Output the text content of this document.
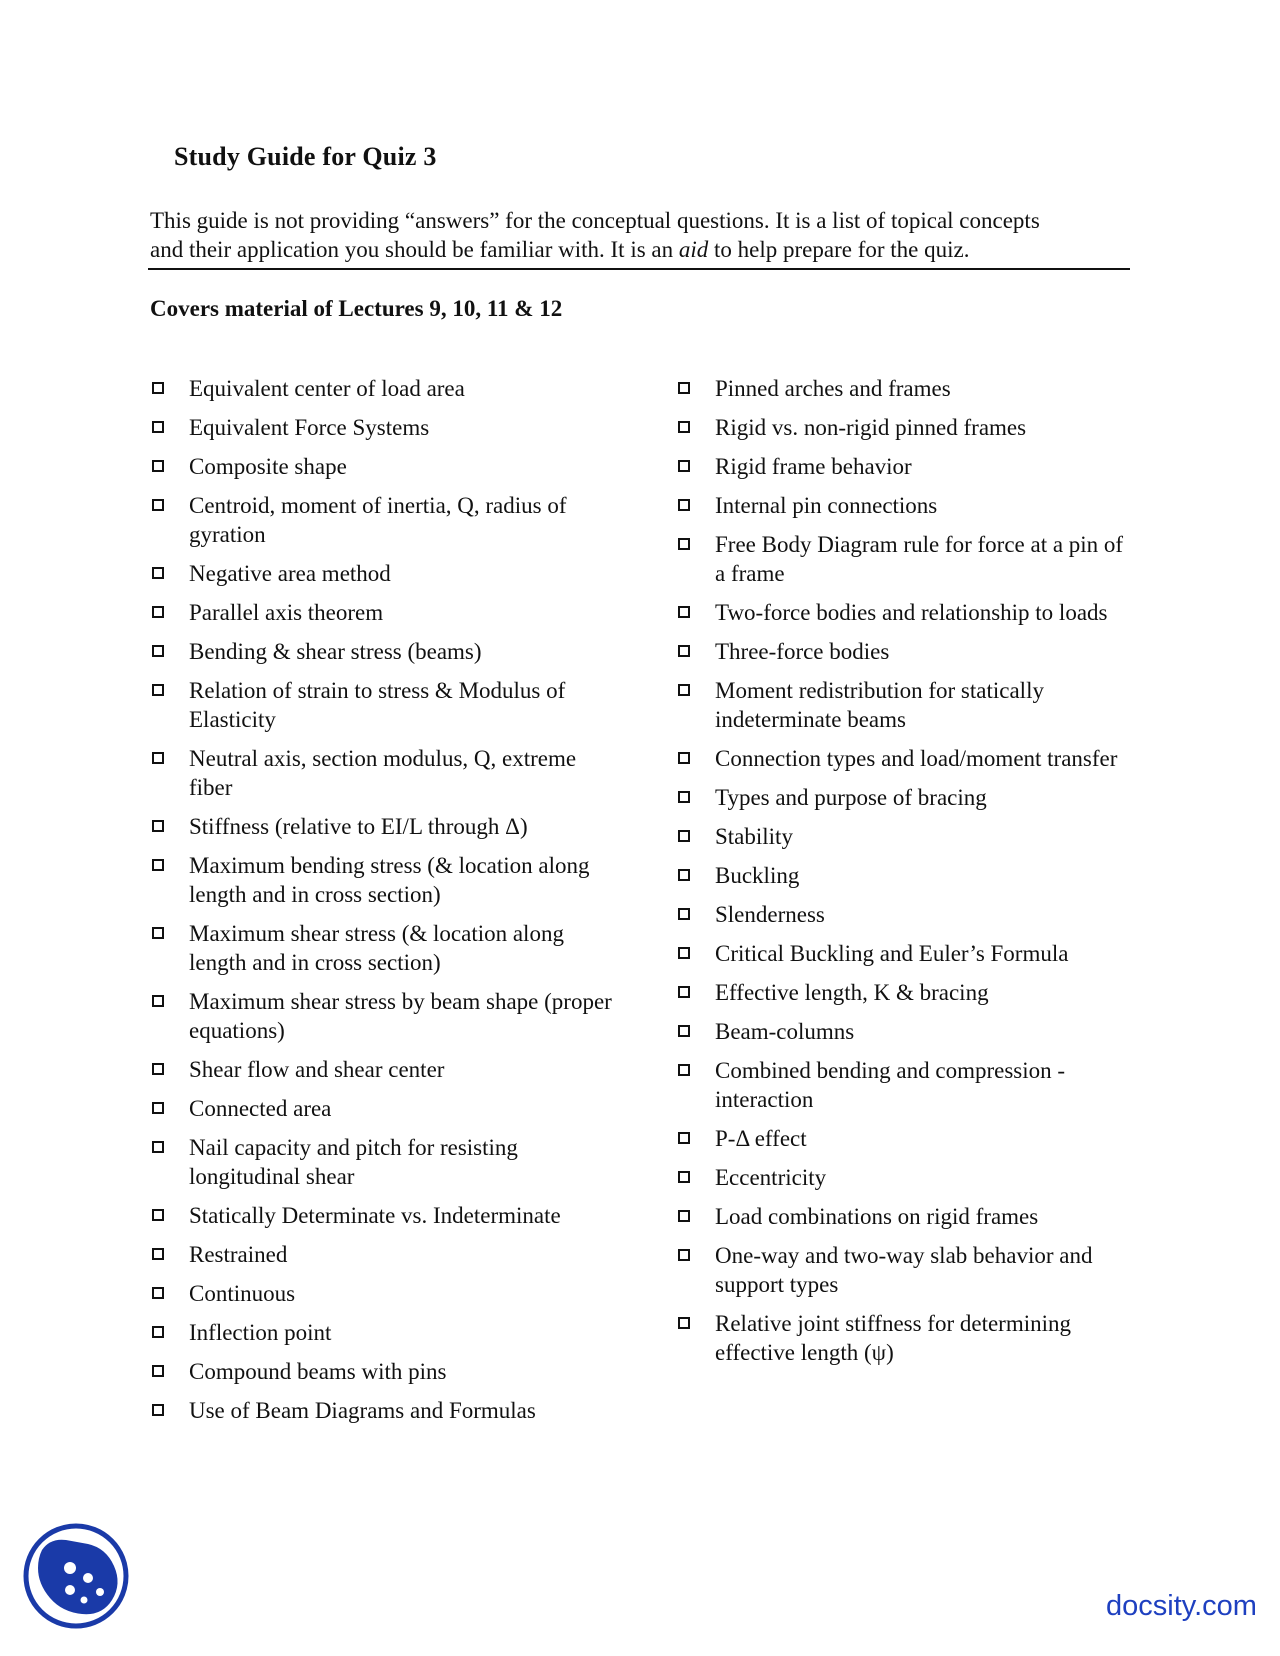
Study Guide for Quiz 3
This guide is not providing “answers” for the conceptual questions. It is a list of topical concepts
and their application you should be familiar with. It is an aid to help prepare for the quiz.
Covers material of Lectures 9, 10, 11 & 12
Equivalent center of load area
Equivalent Force Systems
Composite shape
Centroid, moment of inertia, Q, radius of gyration
Negative area method
Parallel axis theorem
Bending & shear stress (beams)
Relation of strain to stress & Modulus of Elasticity
Neutral axis, section modulus, Q, extreme fiber
Stiffness (relative to EI/L through Δ)
Maximum bending stress (& location along length and in cross section)
Maximum shear stress (& location along length and in cross section)
Maximum shear stress by beam shape (proper equations)
Shear flow and shear center
Connected area
Nail capacity and pitch for resisting longitudinal shear
Statically Determinate vs. Indeterminate
Restrained
Continuous
Inflection point
Compound beams with pins
Use of Beam Diagrams and Formulas
Pinned arches and frames
Rigid vs. non-rigid pinned frames
Rigid frame behavior
Internal pin connections
Free Body Diagram rule for force at a pin of a frame
Two-force bodies and relationship to loads
Three-force bodies
Moment redistribution for statically indeterminate beams
Connection types and load/moment transfer
Types and purpose of bracing
Stability
Buckling
Slenderness
Critical Buckling and Euler’s Formula
Effective length, K & bracing
Beam-columns
Combined bending and compression - interaction
P-Δ effect
Eccentricity
Load combinations on rigid frames
One-way and two-way slab behavior and support types
Relative joint stiffness for determining effective length (ψ)
docsity.com
